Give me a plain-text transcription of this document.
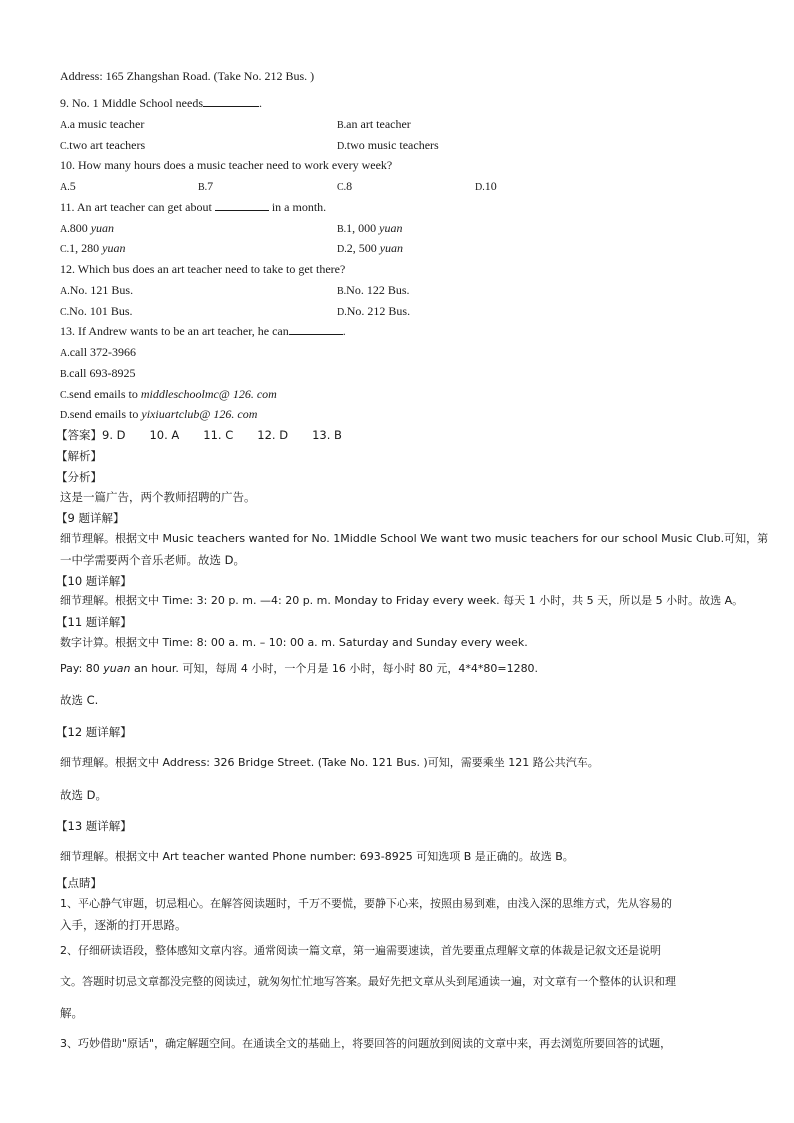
Address: 165 Zhangshan Road. (Take No. 212 Bus. )
9. No. 1 Middle School needs	.
A.a music teacher	B.an art teacher
C.two art teachers	D.two music teachers
10. How many hours does a music teacher need to work every week?
A.5	B.7	C.8	D.10
11. An art teacher can get about	in a month.
A.800 yuan	B.1, 000 yuan
C.1, 280 yuan	D.2, 500 yuan
12. Which bus does an art teacher need to take to get there?
A.No. 121 Bus.	B.No. 122 Bus.
C.No. 101 Bus.	D.No. 212 Bus.
13. If Andrew wants to be an art teacher, he can	.
A.call 372-3966
B.call 693-8925
C.send emails to middleschoolmc@ 126. com
D.send emails to yixiuartclub@ 126. com
【答案】9. D 10. A 11. C 12. D 13. B
【解析】
【分析】
这是一篇广告，两个教师招聘的广告。
【9 题详解】
细节理解。根据文中 Music teachers wanted for No. 1Middle School We want two music teachers for our school Music Club.可知，第
一中学需要两个音乐老师。故选 D。
【10 题详解】
细节理解。根据文中 Time: 3: 20 p. m. —4: 20 p. m. Monday to Friday every week. 每天 1 小时，共 5 天，所以是 5 小时。故选 A。
【11 题详解】
数字计算。根据文中 Time: 8: 00 a. m. – 10: 00 a. m. Saturday and Sunday every week.
Pay: 80 yuan an hour. 可知，每周 4 小时，一个月是 16 小时，每小时 80 元，4*4*80=1280.
故选 C.
【12 题详解】
细节理解。根据文中 Address: 326 Bridge Street. (Take No. 121 Bus. )可知，需要乘坐 121 路公共汽车。
故选 D。
【13 题详解】
细节理解。根据文中 Art teacher wanted Phone number: 693-8925 可知选项 B 是正确的。故选 B。
【点睛】
1、平心静气审题，切忌粗心。在解答阅读题时，千万不要慌，要静下心来，按照由易到难，由浅入深的思维方式，先从容易的
入手，逐渐的打开思路。
2、仔细研读语段，整体感知文章内容。通常阅读一篇文章，第一遍需要速读，首先要重点理解文章的体裁是记叙文还是说明
文。答题时切忌文章都没完整的阅读过，就匆匆忙忙地写答案。最好先把文章从头到尾通读一遍，对文章有一个整体的认识和理
解。
3、巧妙借助"原话"，确定解题空间。在通读全文的基础上，将要回答的问题放到阅读的文章中来，再去浏览所要回答的试题，
